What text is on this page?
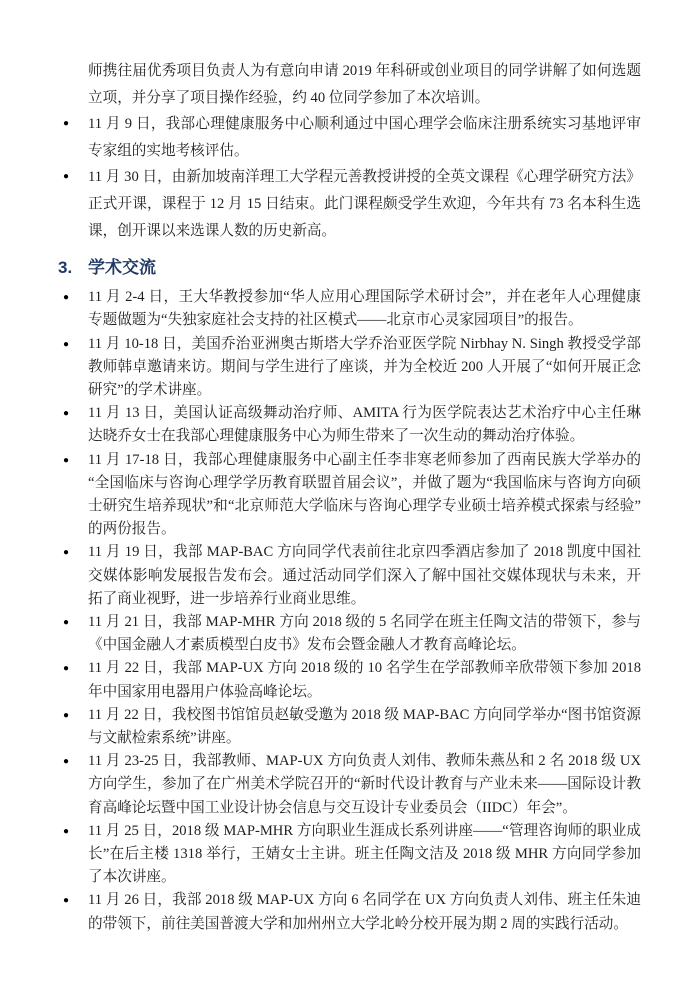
师携往届优秀项目负责人为有意向申请 2019 年科研或创业项目的同学讲解了如何选题立项，并分享了项目操作经验，约 40 位同学参加了本次培训。
● 11 月 9 日，我部心理健康服务中心顺利通过中国心理学会临床注册系统实习基地评审专家组的实地考核评估。
● 11 月 30 日，由新加坡南洋理工大学程元善教授讲授的全英文课程《心理学研究方法》正式开课，课程于 12 月 15 日结束。此门课程颇受学生欢迎，今年共有 73 名本科生选课，创开课以来选课人数的历史新高。
3. 学术交流
● 11 月 2-4 日，王大华教授参加“华人应用心理国际学术研讨会”，并在老年人心理健康专题做题为“失独家庭社会支持的社区模式——北京市心灵家园项目”的报告。
● 11 月 10-18 日，美国乔治亚洲奥古斯塔大学乔治亚医学院 Nirbhay N. Singh 教授受学部教师韩卓邀请来访。期间与学生进行了座谈，并为全校近 200 人开展了“如何开展正念研究”的学术讲座。
● 11 月 13 日，美国认证高级舞动治疗师、AMITA 行为医学院表达艺术治疗中心主任琳达晓乔女士在我部心理健康服务中心为师生带来了一次生动的舞动治疗体验。
● 11 月 17-18 日，我部心理健康服务中心副主任李非寒老师参加了西南民族大学举办的“全国临床与咨询心理学学历教育联盟首届会议”，并做了题为“我国临床与咨询方向硕士研究生培养现状”和“北京师范大学临床与咨询心理学专业硕士培养模式探索与经验”的两份报告。
● 11 月 19 日，我部 MAP-BAC 方向同学代表前往北京四季酒店参加了 2018 凯度中国社交媒体影响发展报告发布会。通过活动同学们深入了解中国社交媒体现状与未来，开拓了商业视野，进一步培养行业商业思维。
● 11 月 21 日，我部 MAP-MHR 方向 2018 级的 5 名同学在班主任陶文洁的带领下，参与《中国金融人才素质模型白皮书》发布会暨金融人才教育高峰论坛。
● 11 月 22 日，我部 MAP-UX 方向 2018 级的 10 名学生在学部教师辛欣带领下参加 2018 年中国家用电器用户体验高峰论坛。
● 11 月 22 日，我校图书馆馆员赵敏受邀为 2018 级 MAP-BAC 方向同学举办“图书馆资源与文献检索系统”讲座。
● 11 月 23-25 日，我部教师、MAP-UX 方向负责人刘伟、教师朱燕丛和 2 名 2018 级 UX 方向学生，参加了在广州美术学院召开的“新时代设计教育与产业未来——国际设计教育高峰论坛暨中国工业设计协会信息与交互设计专业委员会（IIDC）年会”。
● 11 月 25 日，2018 级 MAP-MHR 方向职业生涯成长系列讲座——“管理咨询师的职业成长”在后主楼 1318 举行，王婧女士主讲。班主任陶文洁及 2018 级 MHR 方向同学参加了本次讲座。
● 11 月 26 日，我部 2018 级 MAP-UX 方向 6 名同学在 UX 方向负责人刘伟、班主任朱迪的带领下，前往美国普渡大学和加州州立大学北岭分校开展为期 2 周的实践行活动。
